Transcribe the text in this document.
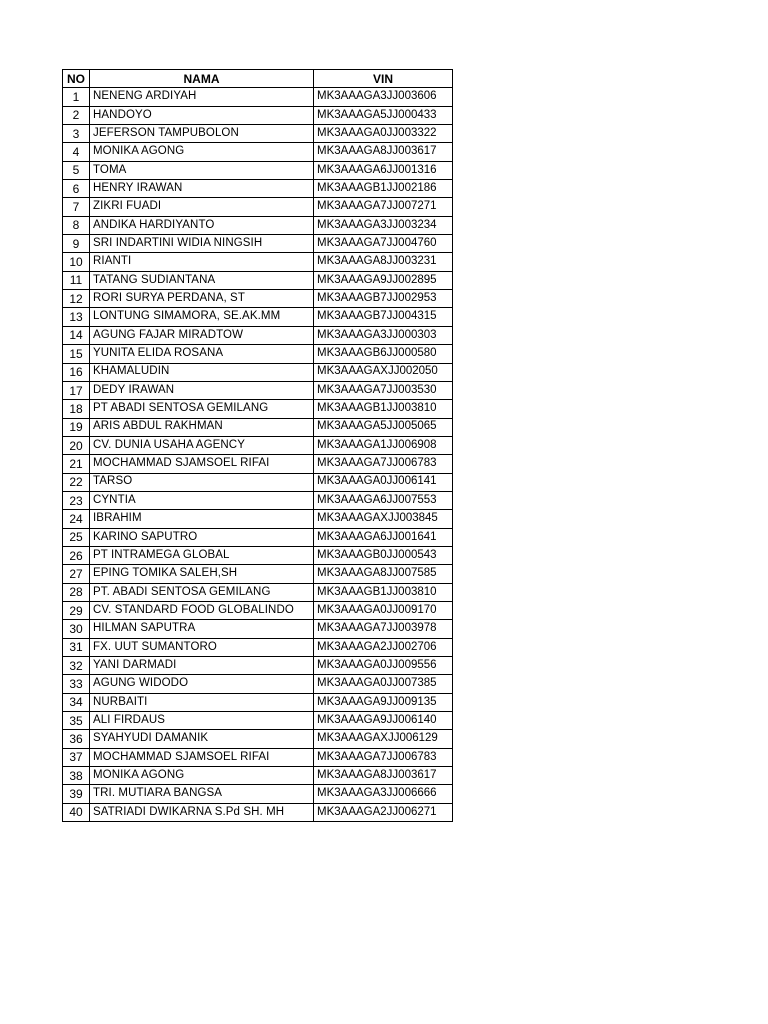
NO	NAMA	VIN
1	NENENG ARDIYAH	MK3AAAGA3JJ003606
2	HANDOYO	MK3AAAGA5JJ000433
3	JEFERSON TAMPUBOLON	MK3AAAGA0JJ003322
4	MONIKA AGONG	MK3AAAGA8JJ003617
5	TOMA	MK3AAAGA6JJ001316
6	HENRY IRAWAN	MK3AAAGB1JJ002186
7	ZIKRI FUADI	MK3AAAGA7JJ007271
8	ANDIKA HARDIYANTO	MK3AAAGA3JJ003234
9	SRI INDARTINI WIDIA NINGSIH	MK3AAAGA7JJ004760
10	RIANTI	MK3AAAGA8JJ003231
11	TATANG SUDIANTANA	MK3AAAGA9JJ002895
12	RORI SURYA PERDANA, ST	MK3AAAGB7JJ002953
13	LONTUNG SIMAMORA, SE.AK.MM	MK3AAAGB7JJ004315
14	AGUNG FAJAR MIRADTOW	MK3AAAGA3JJ000303
15	YUNITA ELIDA ROSANA	MK3AAAGB6JJ000580
16	KHAMALUDIN	MK3AAAGAXJJ002050
17	DEDY IRAWAN	MK3AAAGA7JJ003530
18	PT ABADI SENTOSA GEMILANG	MK3AAAGB1JJ003810
19	ARIS ABDUL RAKHMAN	MK3AAAGA5JJ005065
20	CV. DUNIA USAHA AGENCY	MK3AAAGA1JJ006908
21	MOCHAMMAD SJAMSOEL RIFAI	MK3AAAGA7JJ006783
22	TARSO	MK3AAAGA0JJ006141
23	CYNTIA	MK3AAAGA6JJ007553
24	IBRAHIM	MK3AAAGAXJJ003845
25	KARINO SAPUTRO	MK3AAAGA6JJ001641
26	PT INTRAMEGA GLOBAL	MK3AAAGB0JJ000543
27	EPING TOMIKA SALEH,SH	MK3AAAGA8JJ007585
28	PT. ABADI SENTOSA GEMILANG	MK3AAAGB1JJ003810
29	CV. STANDARD FOOD GLOBALINDO	MK3AAAGA0JJ009170
30	HILMAN SAPUTRA	MK3AAAGA7JJ003978
31	FX. UUT SUMANTORO	MK3AAAGA2JJ002706
32	YANI DARMADI	MK3AAAGA0JJ009556
33	AGUNG WIDODO	MK3AAAGA0JJ007385
34	NURBAITI	MK3AAAGA9JJ009135
35	ALI FIRDAUS	MK3AAAGA9JJ006140
36	SYAHYUDI DAMANIK	MK3AAAGAXJJ006129
37	MOCHAMMAD SJAMSOEL RIFAI	MK3AAAGA7JJ006783
38	MONIKA AGONG	MK3AAAGA8JJ003617
39	TRI. MUTIARA BANGSA	MK3AAAGA3JJ006666
40	SATRIADI DWIKARNA S.Pd SH. MH	MK3AAAGA2JJ006271
